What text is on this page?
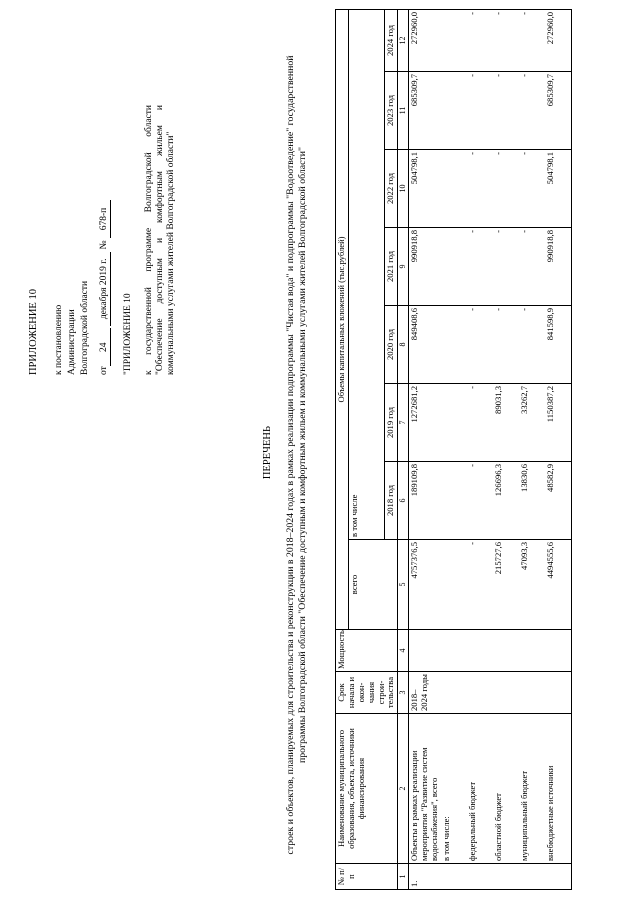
ПРИЛОЖЕНИЕ 10 к постановлению Администрации Волгоградской области от24 декабря 2019 г. № 678-п
"ПРИЛОЖЕНИЕ 10 к государственной программе Волгоградской области "Обеспечение доступным и комфортным жильем и коммунальными услугами жителей Волгоградской области"
ПЕРЕЧЕНЬ строек и объектов, планируемых для строительства и реконструкции в 2018–2024 годах в рамках реализации подпрограммы "Чистая вода" и подпрограммы "Водоотведение" государственной программы Волгоградской области "Обеспечение доступным и комфортным жильем и коммунальными услугами жителей Волгоградской области"
№ п/п	Наименование муниципального образования, объекта, источники финансирования	Срок начала и окон-чания строи-тельства	Мощность	Объемы капитальных вложений (тыс.рублей)							
				всего	в том числе						
					2018 год	2019 год	2020 год	2021 год	2022 год	2023 год	2024 год
1	2	3	4	5	6	7	8	9	10	11	12
1.	Объекты в рамках реализации мероприятия "Развитие систем водоснабжения", всего	2018– 2024 годы		4757376,5	189109,8	1272681,2	849408,6	990918,8	504798,1	685309,7	272960,0
	в том числе:										
	федеральный бюджет			-	-	-	-	-	-	-	-
	областной бюджет			215727,6	126696,3	89031,3	-	-	-	-	-
	муниципальный бюджет			47093,3	13830,6	33262,7	-	-	-	-	-
	внебюджетные источники			4494555,6	48582,9	1150387,2	841598,9	990918,8	504798,1	685309,7	272960,0
